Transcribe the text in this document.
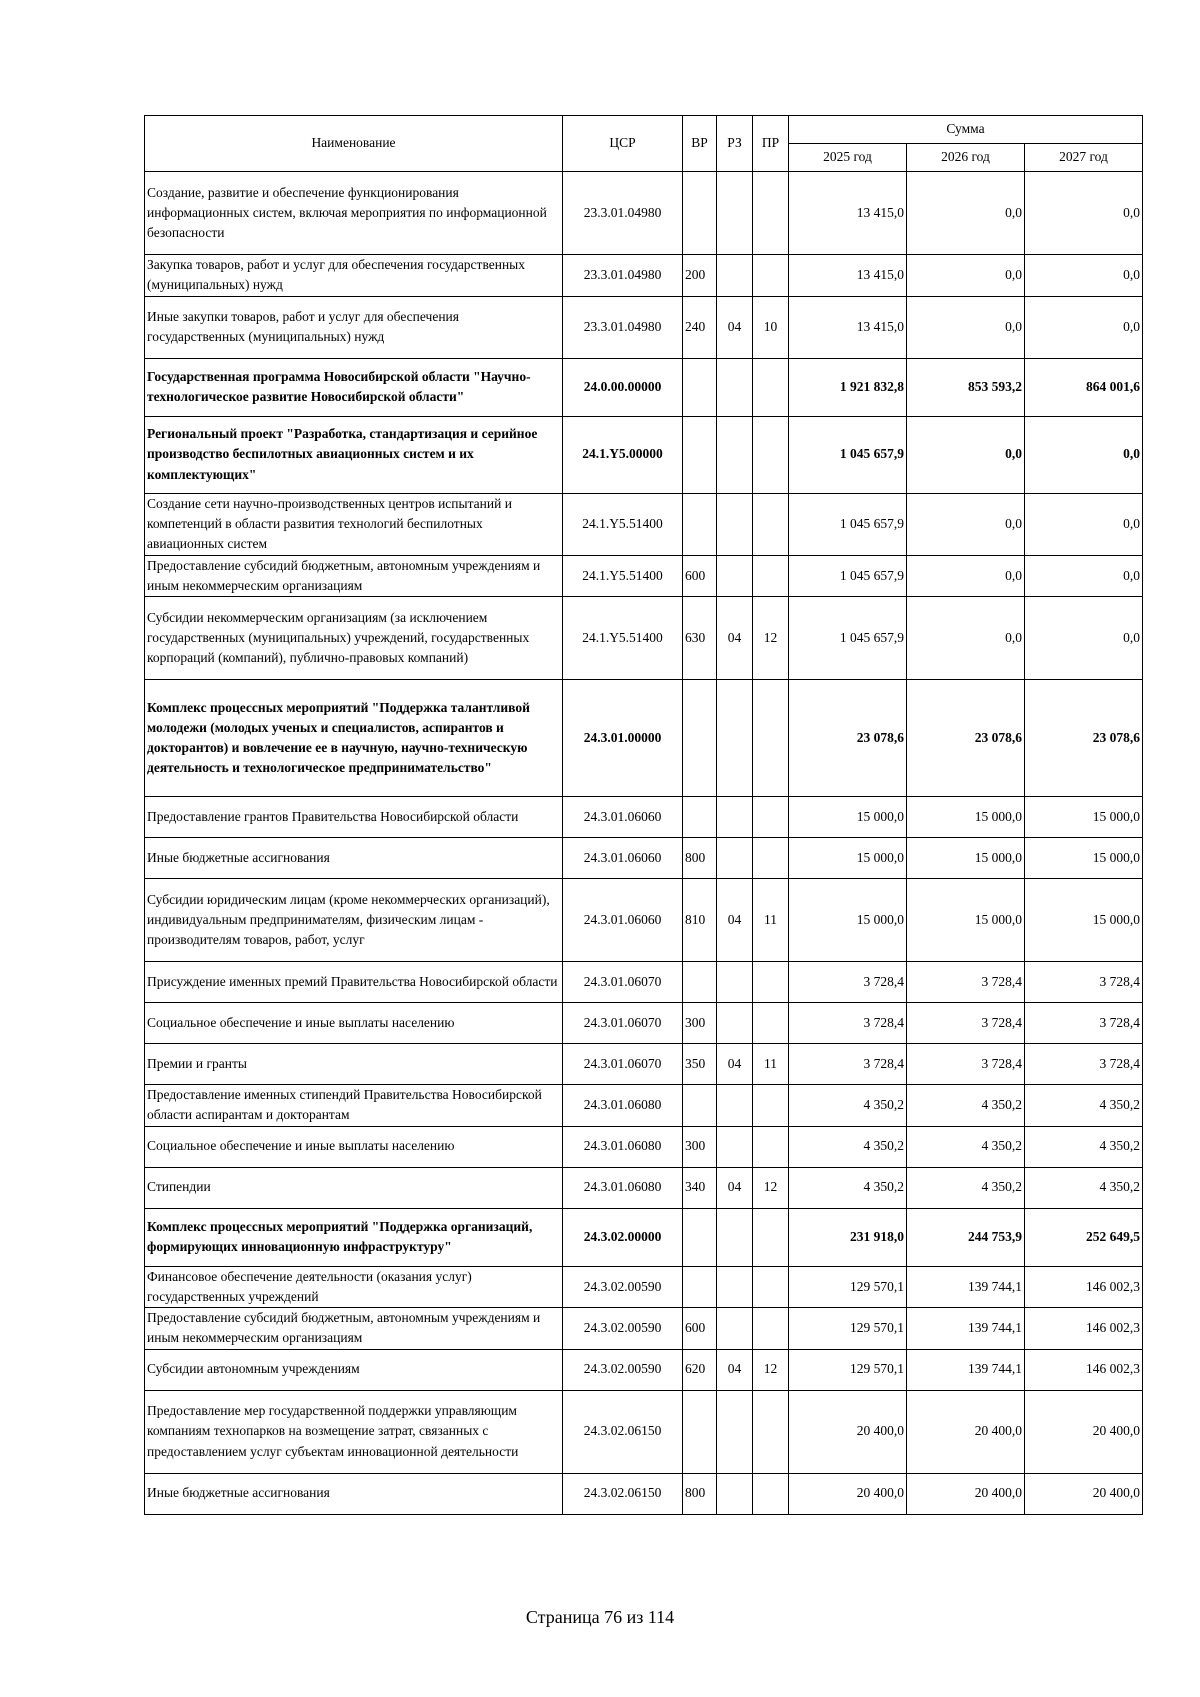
Наименование	ЦСР	ВР	РЗ	ПР	Сумма		
					2025 год	2026 год	2027 год
Создание, развитие и обеспечение функционирования информационных систем, включая мероприятия по информационной безопасности	23.3.01.04980				13 415,0	0,0	0,0
Закупка товаров, работ и услуг для обеспечения государственных (муниципальных) нужд	23.3.01.04980	200			13 415,0	0,0	0,0
Иные закупки товаров, работ и услуг для обеспечения государственных (муниципальных) нужд	23.3.01.04980	240	04	10	13 415,0	0,0	0,0
Государственная программа Новосибирской области "Научно-технологическое развитие Новосибирской области"	24.0.00.00000				1 921 832,8	853 593,2	864 001,6
Региональный проект "Разработка, стандартизация и серийное производство беспилотных авиационных систем и их комплектующих"	24.1.Y5.00000				1 045 657,9	0,0	0,0
Создание сети научно-производственных центров испытаний и компетенций в области развития технологий беспилотных авиационных систем	24.1.Y5.51400				1 045 657,9	0,0	0,0
Предоставление субсидий бюджетным, автономным учреждениям и иным некоммерческим организациям	24.1.Y5.51400	600			1 045 657,9	0,0	0,0
Субсидии некоммерческим организациям (за исключением государственных (муниципальных) учреждений, государственных корпораций (компаний), публично-правовых компаний)	24.1.Y5.51400	630	04	12	1 045 657,9	0,0	0,0
Комплекс процессных мероприятий "Поддержка талантливой молодежи (молодых ученых и специалистов, аспирантов и докторантов) и вовлечение ее в научную, научно-техническую деятельность и технологическое предпринимательство"	24.3.01.00000				23 078,6	23 078,6	23 078,6
Предоставление грантов Правительства Новосибирской области	24.3.01.06060				15 000,0	15 000,0	15 000,0
Иные бюджетные ассигнования	24.3.01.06060	800			15 000,0	15 000,0	15 000,0
Субсидии юридическим лицам (кроме некоммерческих организаций), индивидуальным предпринимателям, физическим лицам - производителям товаров, работ, услуг	24.3.01.06060	810	04	11	15 000,0	15 000,0	15 000,0
Присуждение именных премий Правительства Новосибирской области	24.3.01.06070				3 728,4	3 728,4	3 728,4
Социальное обеспечение и иные выплаты населению	24.3.01.06070	300			3 728,4	3 728,4	3 728,4
Премии и гранты	24.3.01.06070	350	04	11	3 728,4	3 728,4	3 728,4
Предоставление именных стипендий Правительства Новосибирской области аспирантам и докторантам	24.3.01.06080				4 350,2	4 350,2	4 350,2
Социальное обеспечение и иные выплаты населению	24.3.01.06080	300			4 350,2	4 350,2	4 350,2
Стипендии	24.3.01.06080	340	04	12	4 350,2	4 350,2	4 350,2
Комплекс процессных мероприятий "Поддержка организаций, формирующих инновационную инфраструктуру"	24.3.02.00000				231 918,0	244 753,9	252 649,5
Финансовое обеспечение деятельности (оказания услуг) государственных учреждений	24.3.02.00590				129 570,1	139 744,1	146 002,3
Предоставление субсидий бюджетным, автономным учреждениям и иным некоммерческим организациям	24.3.02.00590	600			129 570,1	139 744,1	146 002,3
Субсидии автономным учреждениям	24.3.02.00590	620	04	12	129 570,1	139 744,1	146 002,3
Предоставление мер государственной поддержки управляющим компаниям технопарков на возмещение затрат, связанных с предоставлением услуг субъектам инновационной деятельности	24.3.02.06150				20 400,0	20 400,0	20 400,0
Иные бюджетные ассигнования	24.3.02.06150	800			20 400,0	20 400,0	20 400,0
Страница 76 из 114
